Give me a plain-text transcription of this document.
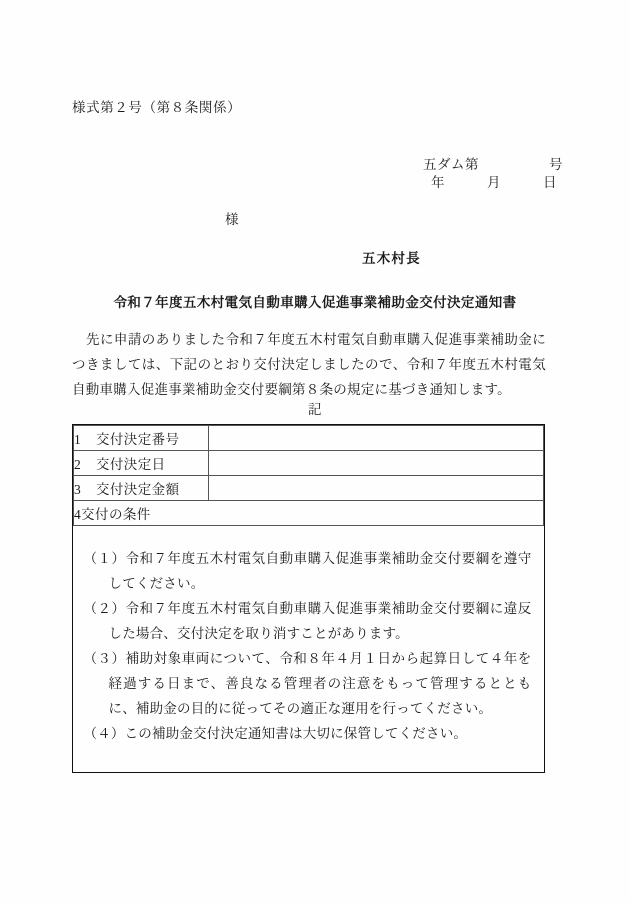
様式第２号（第８条関係）
五ダム第　　　　　号
年　　　月　　　日
様
五木村長
令和７年度五木村電気自動車購入促進事業補助金交付決定通知書
先に申請のありました令和７年度五木村電気自動車購入促進事業補助金につきましては、下記のとおり交付決定しましたので、令和７年度五木村電気自動車購入促進事業補助金交付要綱第８条の規定に基づき通知します。
記
1 交付決定番号	
2 交付決定日	
3 交付決定金額	
4交付の条件	

（１）令和７年度五木村電気自動車購入促進事業補助金交付要綱を遵守してください。
（２）令和７年度五木村電気自動車購入促進事業補助金交付要綱に違反した場合、交付決定を取り消すことがあります。
（３）補助対象車両について、令和８年４月１日から起算日して４年を経過する日まで、善良なる管理者の注意をもって管理するとともに、補助金の目的に従ってその適正な運用を行ってください。
（４）この補助金交付決定通知書は大切に保管してください。	
